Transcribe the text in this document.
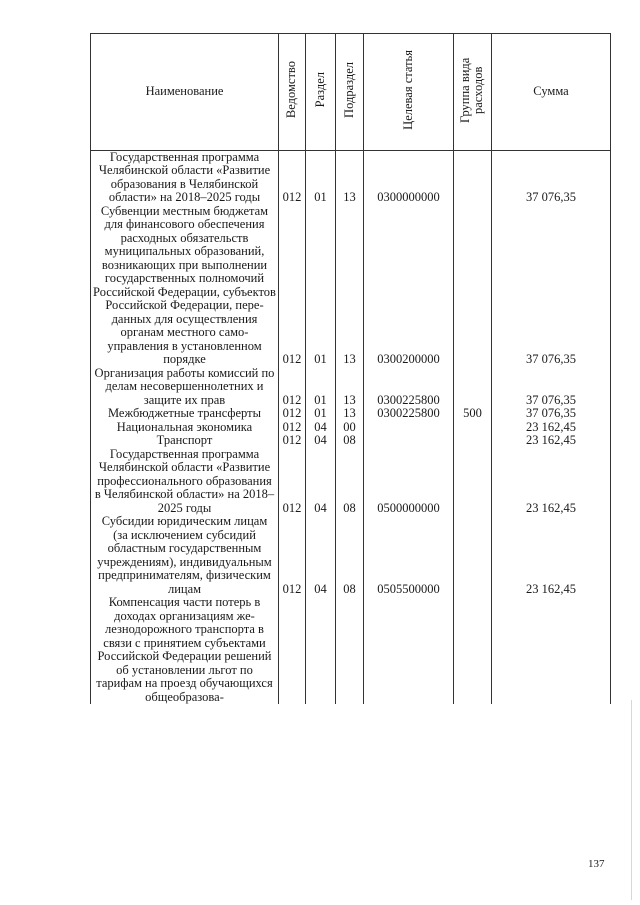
Наименование	Ведомство	Раздел	Подраздел	Целевая статья	Группа вида расходов	Сумма
Государственная программа Челябинской области «Развитие образования в Челябинской области» на 2018–2025 годы	012	01	13	0300000000		37 076,35
Субвенции местным бюджетам для финансового обеспечения расходных обязательств муниципальных образований, возникающих при выполнении государственных полномочий Российской Федерации, субъектов Российской Федерации, переданных для осуществления органам местного самоуправления в установленном порядке	012	01	13	0300200000		37 076,35
Организация работы комиссий по делам несовершеннолетних и защите их прав	012	01	13	0300225800		37 076,35
Межбюджетные трансферты	012	01	13	0300225800	500	37 076,35
Национальная экономика	012	04	00			23 162,45
Транспорт	012	04	08			23 162,45
Государственная программа Челябинской области «Развитие профессионального образования в Челябинской области» на 2018–2025 годы	012	04	08	0500000000		23 162,45
Субсидии юридическим лицам (за исключением субсидий областным государственным учреждениям), индивидуальным предпринимателям, физическим лицам	012	04	08	0505500000		23 162,45
Компенсация части потерь в доходах организациям железнодорожного транспорта в связи с принятием субъектами Российской Федерации решений об установлении льгот по тарифам на проезд обучающихся общеобразова-						
137
